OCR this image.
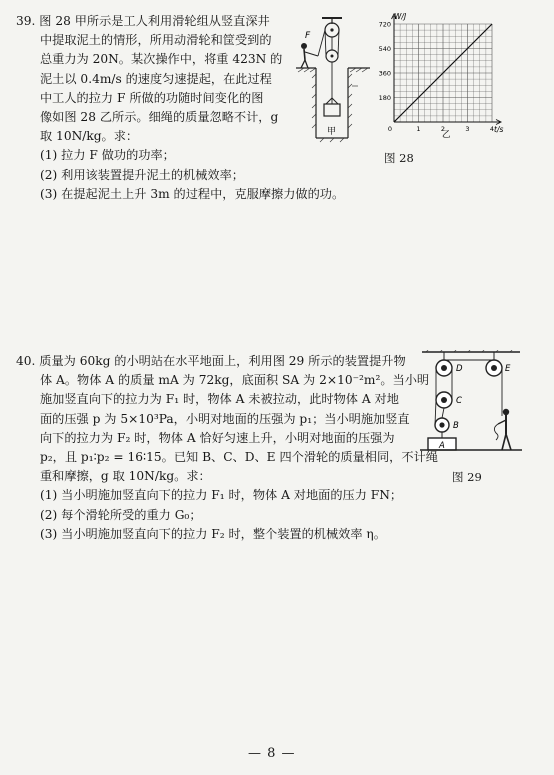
39. 图 28 甲所示是工人利用滑轮组从竖直深井
中提取泥土的情形，所用动滑轮和筐受到的
总重力为 20N。某次操作中，将重 423N 的
泥土以 0.4m/s 的速度匀速提起，在此过程
中工人的拉力 F 所做的功随时间变化的图
像如图 28 乙所示。细绳的质量忽略不计，g
取 10N/kg。求：
(1) 拉力 F 做功的功率；
(2) 利用该装置提升泥土的机械效率；
(3) 在提起泥土上升 3m 的过程中，克服摩擦力做的功。
F
甲
180
360
540
720
0	1	2	3	4
W/J
t/s
乙
图 28
40. 质量为 60kg 的小明站在水平地面上，利用图 29 所示的装置提升物
体 A。物体 A 的质量 mA 为 72kg，底面积 SA 为 2×10⁻²m²。当小明
施加竖直向下的拉力为 F₁ 时，物体 A 未被拉动，此时物体 A 对地
面的压强 p 为 5×10³Pa，小明对地面的压强为 p₁；当小明施加竖直
向下的拉力为 F₂ 时，物体 A 恰好匀速上升，小明对地面的压强为
p₂，且 p₁∶p₂ = 16∶15。已知 B、C、D、E 四个滑轮的质量相同，不计绳
重和摩擦，g 取 10N/kg。求：
(1) 当小明施加竖直向下的拉力 F₁ 时，物体 A 对地面的压力 FN；
(2) 每个滑轮所受的重力 G₀；
(3) 当小明施加竖直向下的拉力 F₂ 时，整个装置的机械效率 η。
D	E
C
B
A
图 29
— 8 —
